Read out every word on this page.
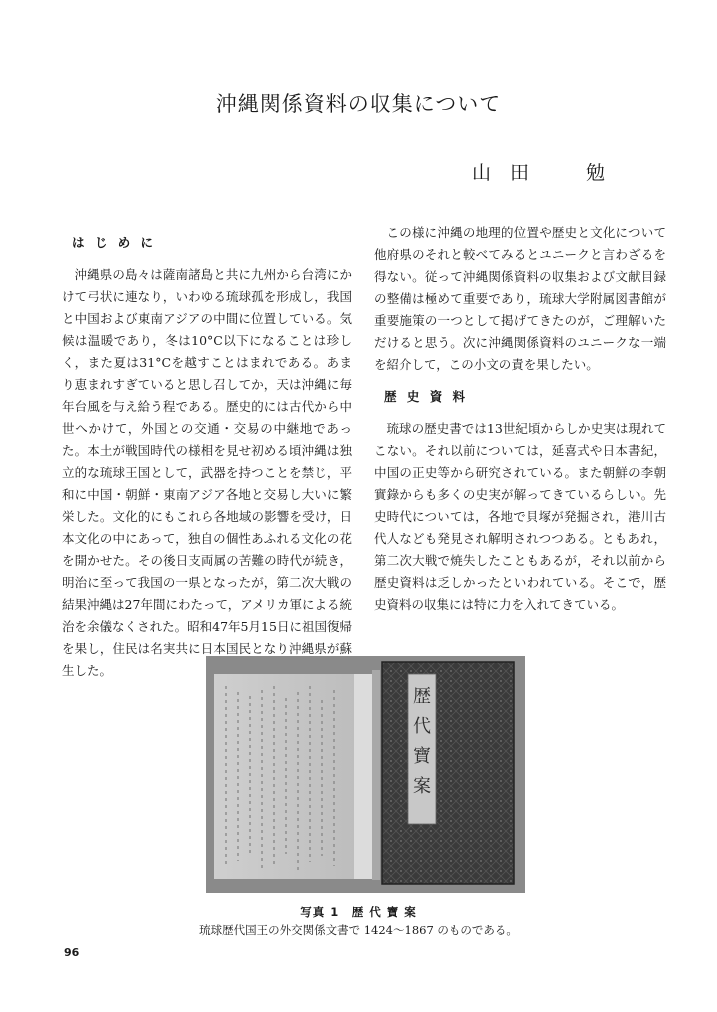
沖縄関係資料の収集について
山　田　　　勉
は じ め に

沖縄県の島々は薩南諸島と共に九州から台湾にかけて弓状に連なり，いわゆる琉球孤を形成し，我国と中国および東南アジアの中間に位置している。気候は温暖であり，冬は10°C以下になることは珍しく，また夏は31°Cを越すことはまれである。あまり恵まれすぎていると思し召してか，天は沖縄に毎年台風を与え給う程である。歴史的には古代から中世へかけて，外国との交通・交易の中継地であった。本土が戦国時代の様相を見せ初める頃沖縄は独立的な琉球王国として，武器を持つことを禁じ，平和に中国・朝鮮・東南アジア各地と交易し大いに繁栄した。文化的にもこれら各地域の影響を受け，日本文化の中にあって，独自の個性あふれる文化の花を開かせた。その後日支両属の苦難の時代が続き，明治に至って我国の一県となったが，第二次大戦の結果沖縄は27年間にわたって，アメリカ軍による統治を余儀なくされた。昭和47年5月15日に祖国復帰を果し，住民は名実共に日本国民となり沖縄県が蘇生した。

この様に沖縄の地理的位置や歴史と文化について他府県のそれと較べてみるとユニークと言わざるを得ない。従って沖縄関係資料の収集および文献目録の整備は極めて重要であり，琉球大学附属図書館が重要施策の一つとして掲げてきたのが，ご理解いただけると思う。次に沖縄関係資料のユニークな一端を紹介して，この小文の責を果したい。

歴 史 資 料

琉球の歴史書では13世紀頃からしか史実は現れてこない。それ以前については，延喜式や日本書紀，中国の正史等から研究されている。また朝鮮の李朝實錄からも多くの史実が解ってきているらしい。先史時代については，各地で貝塚が発掘され，港川古代人なども発見され解明されつつある。ともあれ，第二次大戦で焼失したこともあるが，それ以前から歴史資料は乏しかったといわれている。そこで，歴史資料の収集には特に力を入れてきている。

歴代寶案
写真 1　歴 代 寶 案
琉球歴代国王の外交関係文書で 1424～1867 のものである。
96
